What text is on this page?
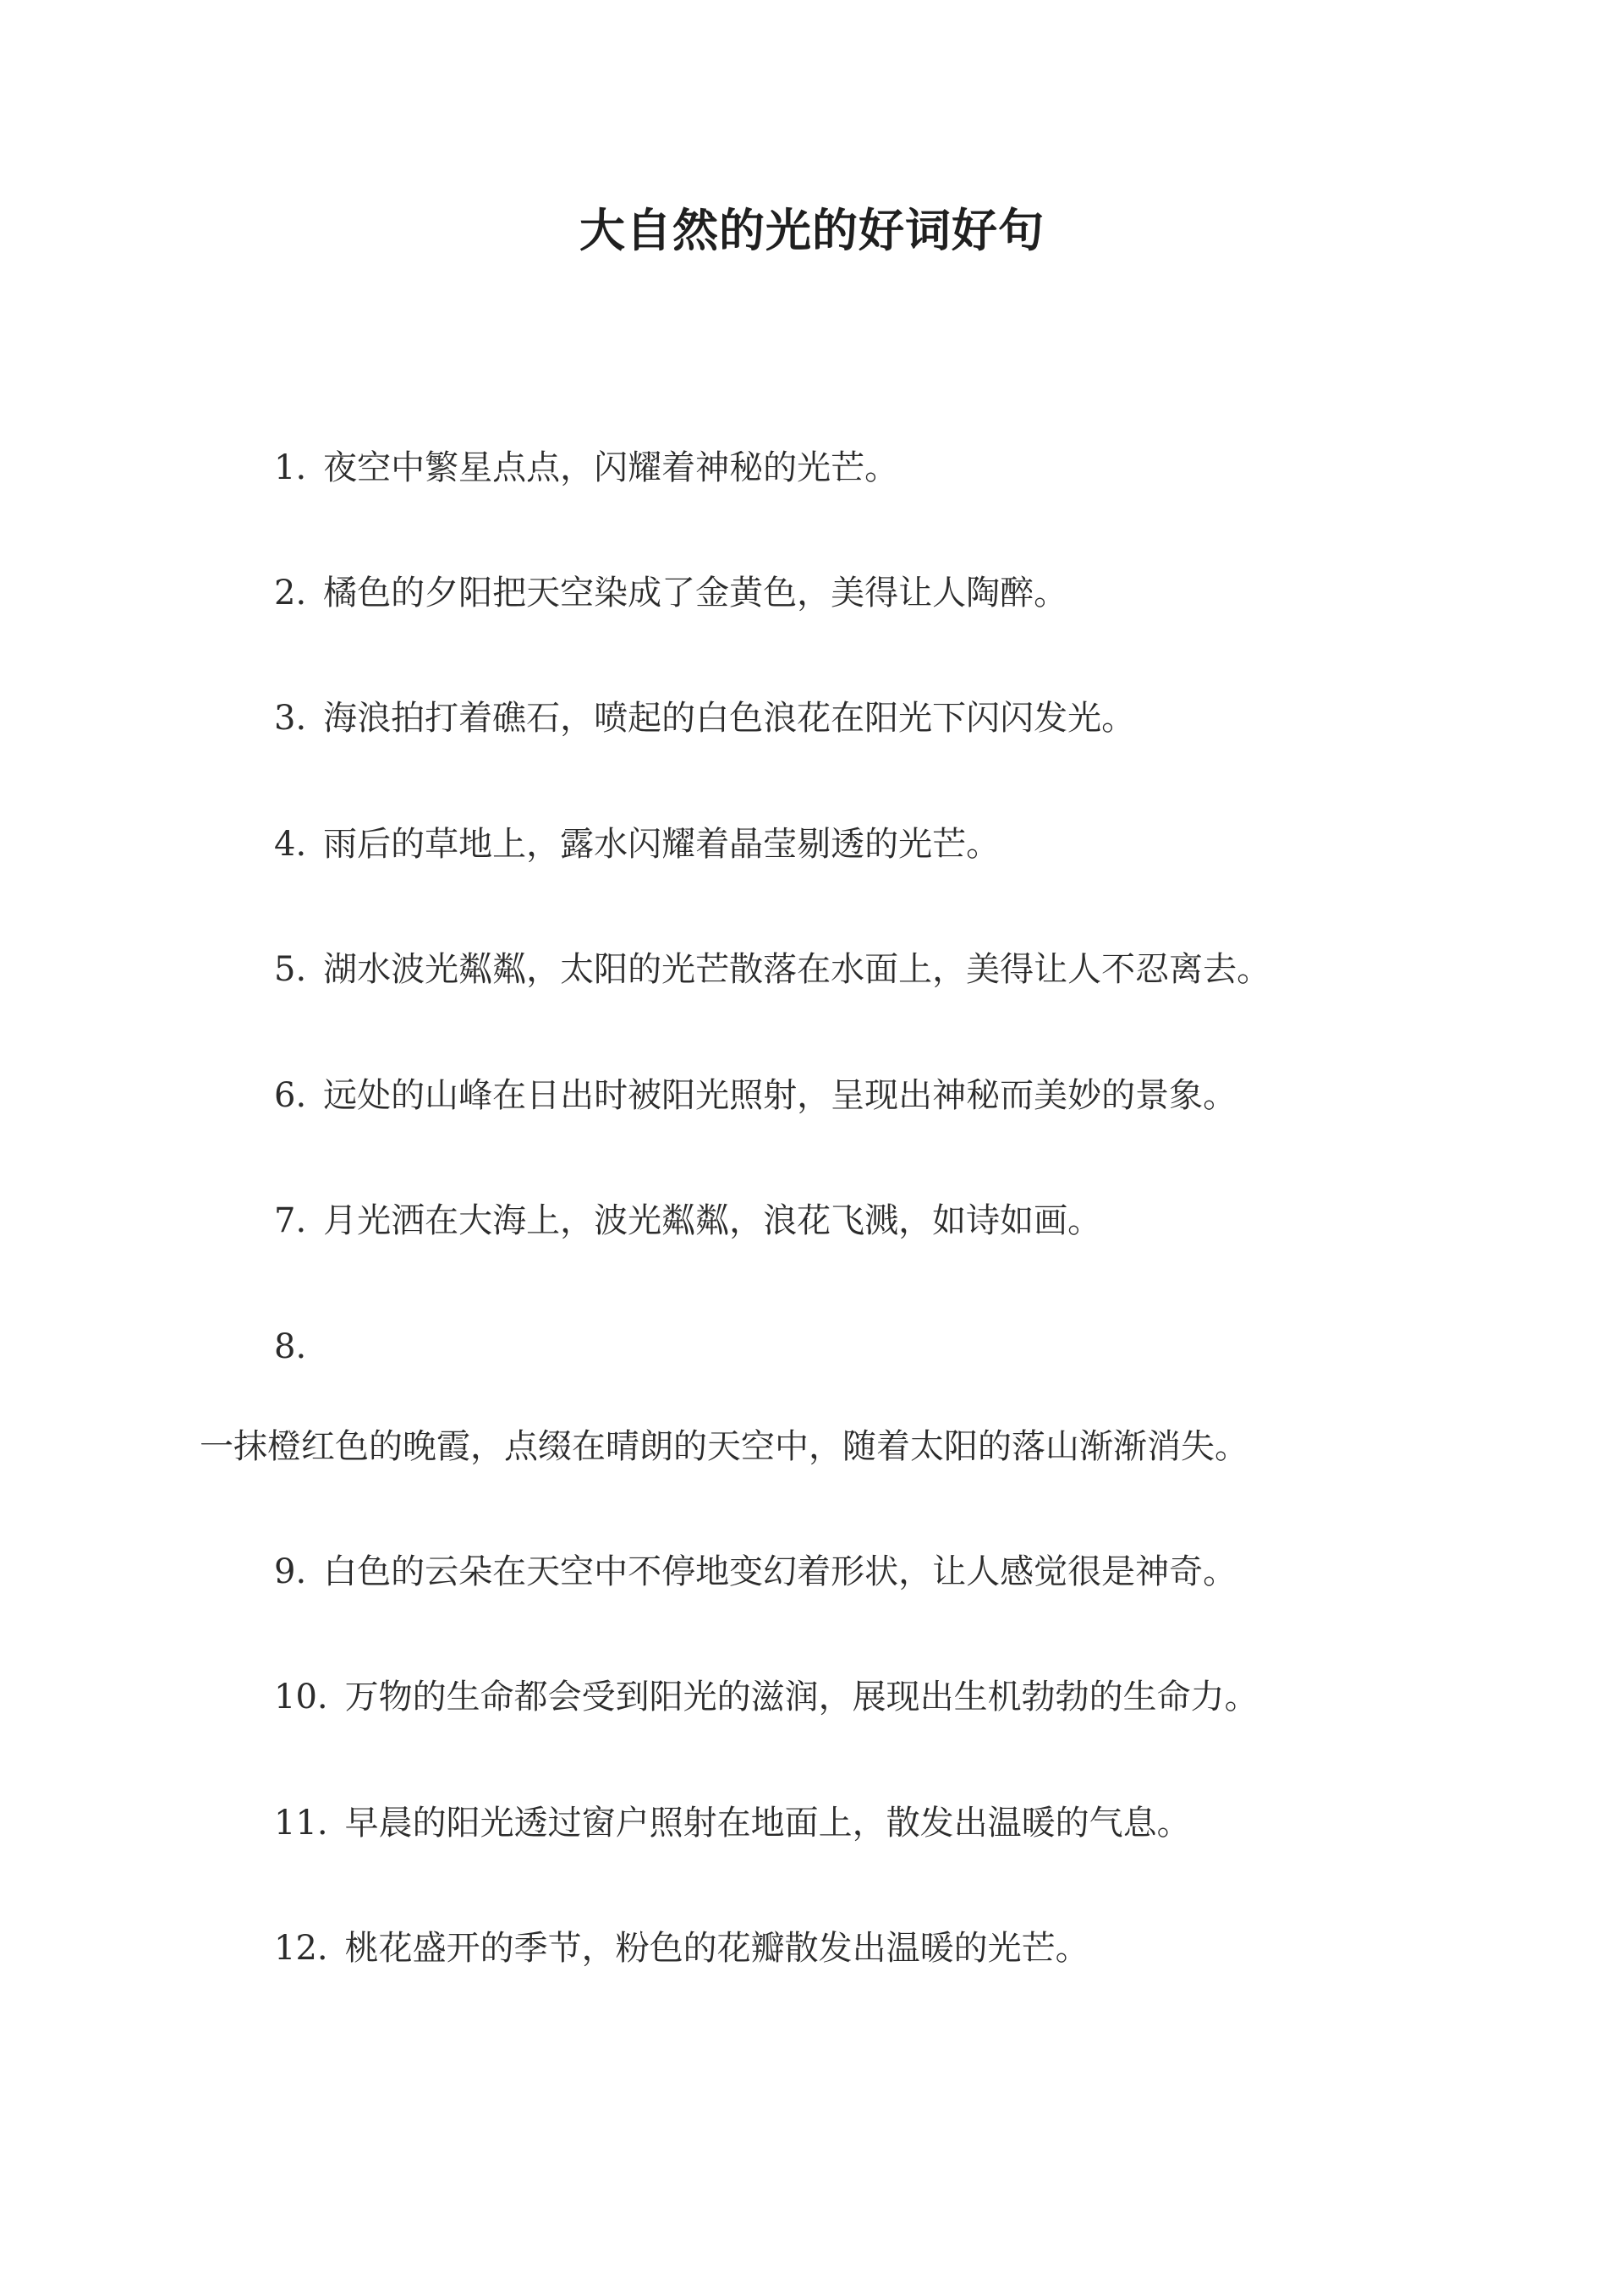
大自然的光的好词好句
1. 夜空中繁星点点，闪耀着神秘的光芒。
2. 橘色的夕阳把天空染成了金黄色，美得让人陶醉。
3. 海浪拍打着礁石，喷起的白色浪花在阳光下闪闪发光。
4. 雨后的草地上，露水闪耀着晶莹剔透的光芒。
5. 湖水波光粼粼，太阳的光芒散落在水面上，美得让人不忍离去。
6. 远处的山峰在日出时被阳光照射，呈现出神秘而美妙的景象。
7. 月光洒在大海上，波光粼粼，浪花飞溅，如诗如画。
8.
一抹橙红色的晚霞，点缀在晴朗的天空中，随着太阳的落山渐渐消失。
9. 白色的云朵在天空中不停地变幻着形状，让人感觉很是神奇。
10. 万物的生命都会受到阳光的滋润，展现出生机勃勃的生命力。
11. 早晨的阳光透过窗户照射在地面上，散发出温暖的气息。
12. 桃花盛开的季节，粉色的花瓣散发出温暖的光芒。
